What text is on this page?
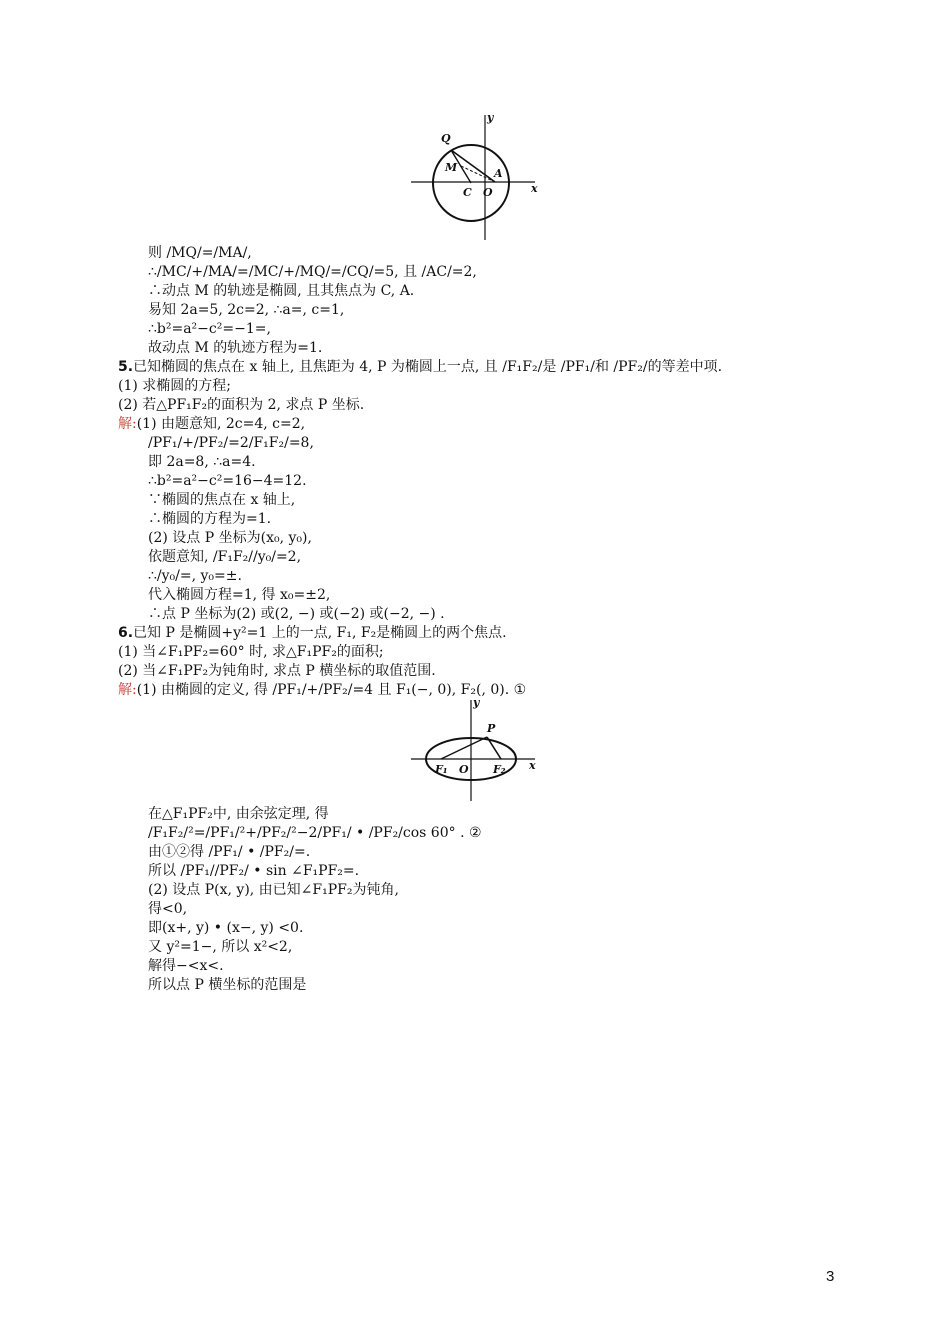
y
x
Q
M	A
C O
则 /MQ/=/MA/,
∴/MC/+/MA/=/MC/+/MQ/=/CQ/=5, 且 /AC/=2,
∴动点 M 的轨迹是椭圆, 且其焦点为 C, A.
易知 2a=5, 2c=2, ∴a=, c=1,
∴b²=a²−c²=−1=,
故动点 M 的轨迹方程为=1.
5.已知椭圆的焦点在 x 轴上, 且焦距为 4, P 为椭圆上一点, 且 /F₁F₂/是 /PF₁/和 /PF₂/的等差中项.
(1) 求椭圆的方程;
(2) 若△PF₁F₂的面积为 2, 求点 P 坐标.
解:(1) 由题意知, 2c=4, c=2,
/PF₁/+/PF₂/=2/F₁F₂/=8,
即 2a=8, ∴a=4.
∴b²=a²−c²=16−4=12.
∵椭圆的焦点在 x 轴上,
∴椭圆的方程为=1.
(2) 设点 P 坐标为(x₀, y₀),
依题意知, /F₁F₂//y₀/=2,
∴/y₀/=, y₀=±.
代入椭圆方程=1, 得 x₀=±2,
∴点 P 坐标为(2) 或(2, −) 或(−2) 或(−2, −) .
6.已知 P 是椭圆+y²=1 上的一点, F₁, F₂是椭圆上的两个焦点.
(1) 当∠F₁PF₂=60° 时, 求△F₁PF₂的面积;
(2) 当∠F₁PF₂为钝角时, 求点 P 横坐标的取值范围.
解:(1) 由椭圆的定义, 得 /PF₁/+/PF₂/=4 且 F₁(−, 0), F₂(, 0). ①
y
x
P
F₁ O F₂
在△F₁PF₂中, 由余弦定理, 得
/F₁F₂/²=/PF₁/²+/PF₂/²−2/PF₁/ • /PF₂/cos 60° . ②
由①②得 /PF₁/ • /PF₂/=.
所以 /PF₁//PF₂/ • sin ∠F₁PF₂=.
(2) 设点 P(x, y), 由已知∠F₁PF₂为钝角,
得<0,
即(x+, y) • (x−, y) <0.
又 y²=1−, 所以 x²<2,
解得−<x<.
所以点 P 横坐标的范围是
3
